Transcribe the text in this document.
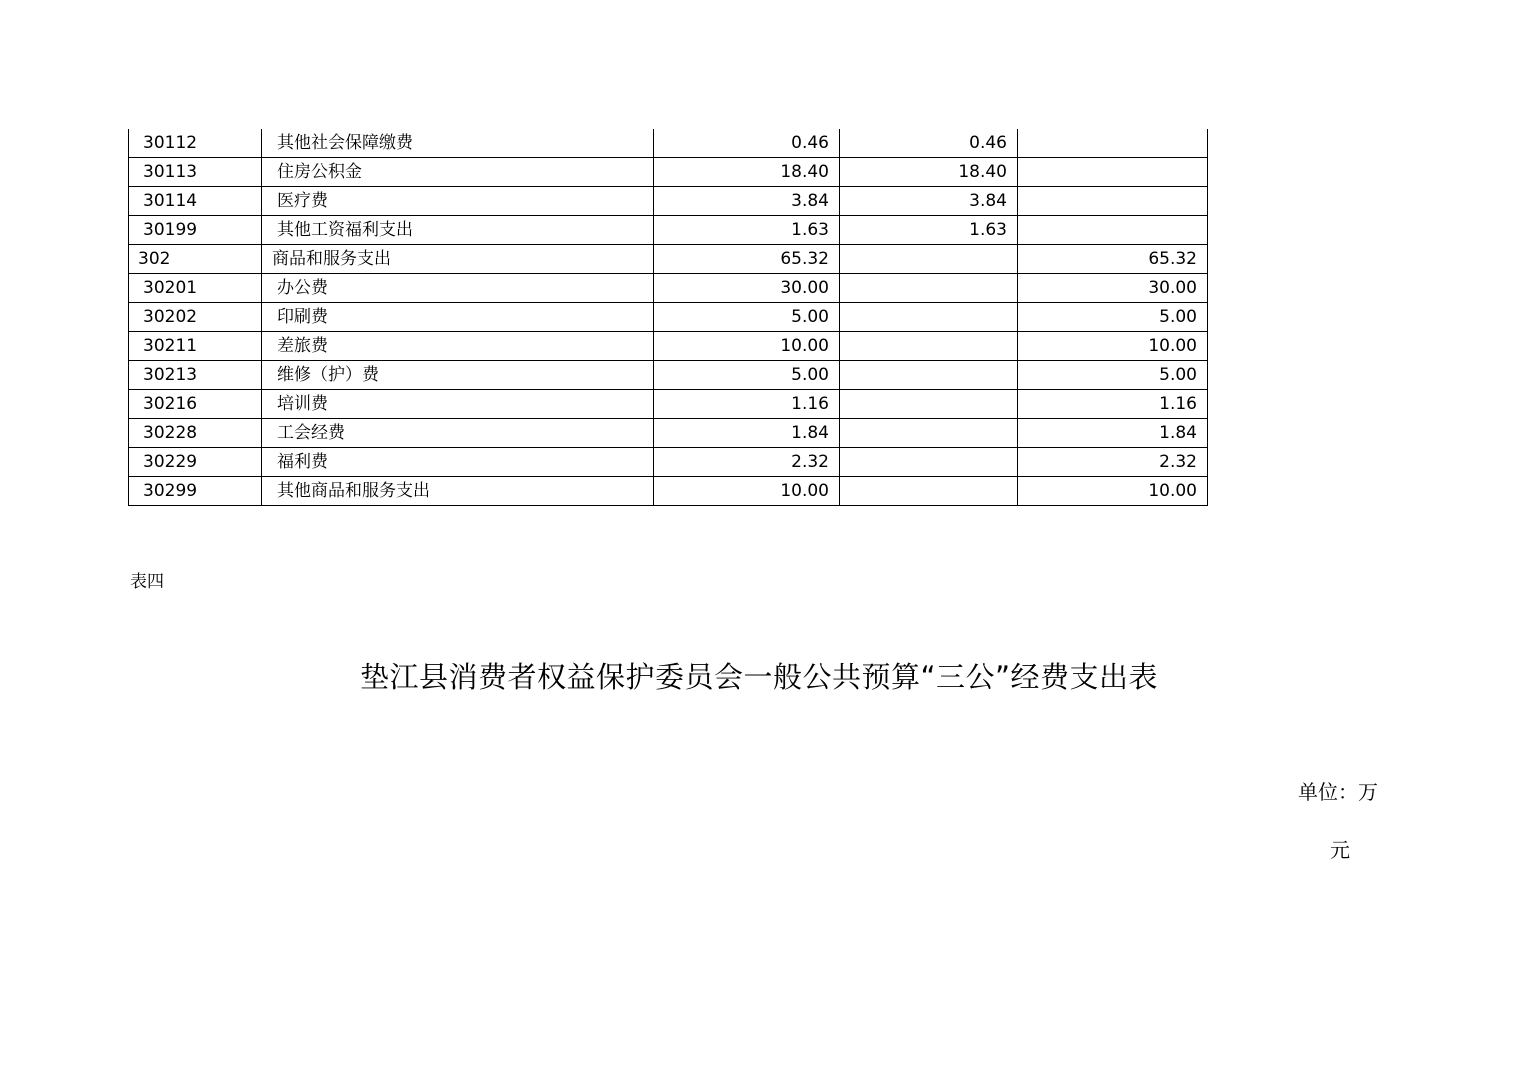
30112	其他社会保障缴费	0.46	0.46	
30113	住房公积金	18.40	18.40	
30114	医疗费	3.84	3.84	
30199	其他工资福利支出	1.63	1.63	
302	商品和服务支出	65.32		65.32
30201	办公费	30.00		30.00
30202	印刷费	5.00		5.00
30211	差旅费	10.00		10.00
30213	维修（护）费	5.00		5.00
30216	培训费	1.16		1.16
30228	工会经费	1.84		1.84
30229	福利费	2.32		2.32
30299	其他商品和服务支出	10.00		10.00
表四
垫江县消费者权益保护委员会一般公共预算“三公”经费支出表
单位：万
元
